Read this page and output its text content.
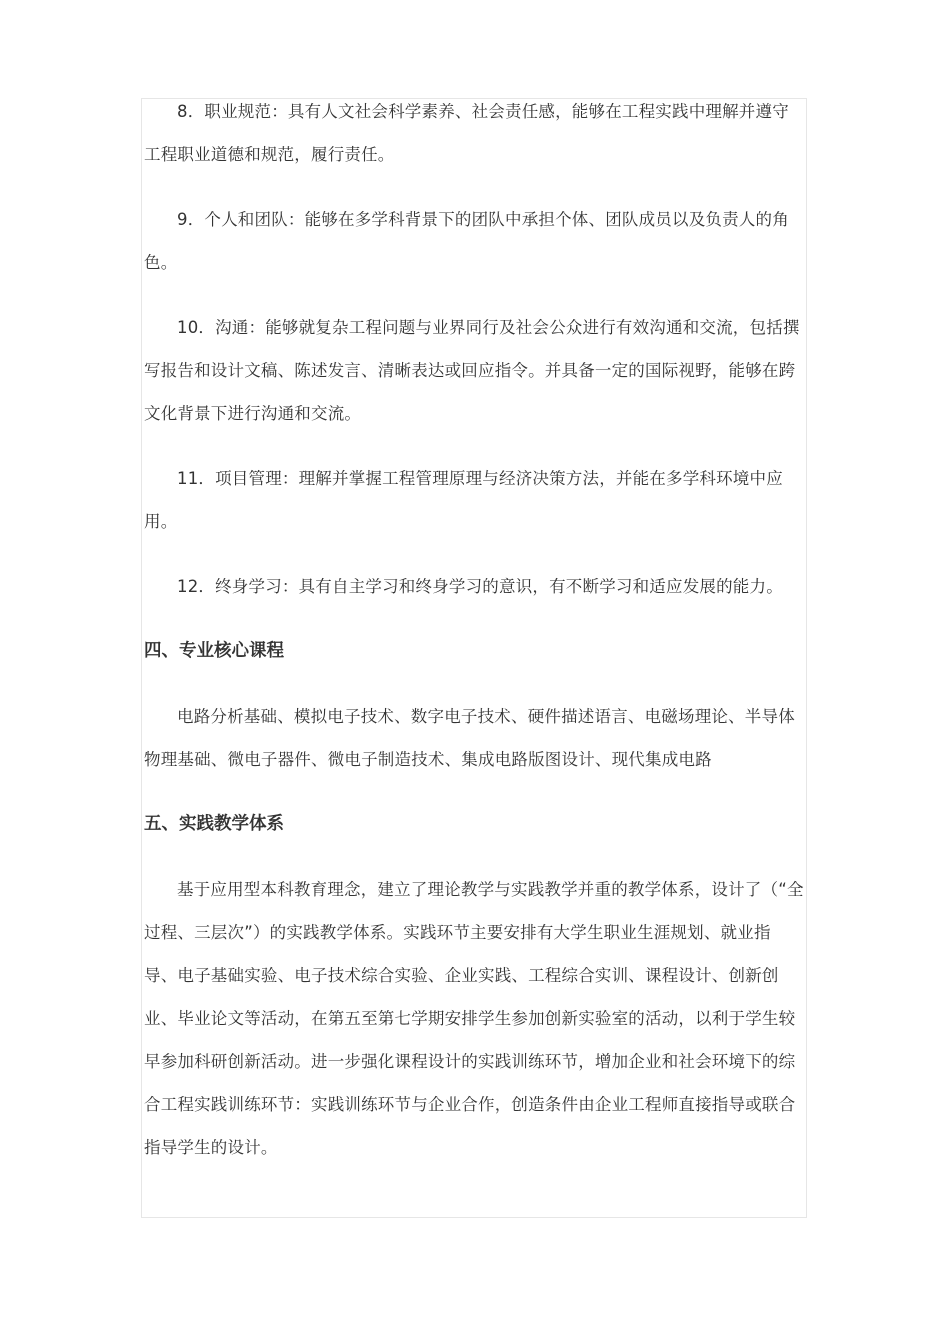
8．职业规范：具有人文社会科学素养、社会责任感，能够在工程实践中理解并遵守工程职业道德和规范，履行责任。

9．个人和团队：能够在多学科背景下的团队中承担个体、团队成员以及负责人的角色。

10．沟通：能够就复杂工程问题与业界同行及社会公众进行有效沟通和交流，包括撰写报告和设计文稿、陈述发言、清晰表达或回应指令。并具备一定的国际视野，能够在跨文化背景下进行沟通和交流。

11．项目管理：理解并掌握工程管理原理与经济决策方法，并能在多学科环境中应用。

12．终身学习：具有自主学习和终身学习的意识，有不断学习和适应发展的能力。

四、专业核心课程

电路分析基础、模拟电子技术、数字电子技术、硬件描述语言、电磁场理论、半导体物理基础、微电子器件、微电子制造技术、集成电路版图设计、现代集成电路

五、实践教学体系

基于应用型本科教育理念，建立了理论教学与实践教学并重的教学体系，设计了（“全过程、三层次”）的实践教学体系。实践环节主要安排有大学生职业生涯规划、就业指导、电子基础实验、电子技术综合实验、企业实践、工程综合实训、课程设计、创新创业、毕业论文等活动，在第五至第七学期安排学生参加创新实验室的活动，以利于学生较早参加科研创新活动。进一步强化课程设计的实践训练环节，增加企业和社会环境下的综合工程实践训练环节：实践训练环节与企业合作，创造条件由企业工程师直接指导或联合指导学生的设计。
